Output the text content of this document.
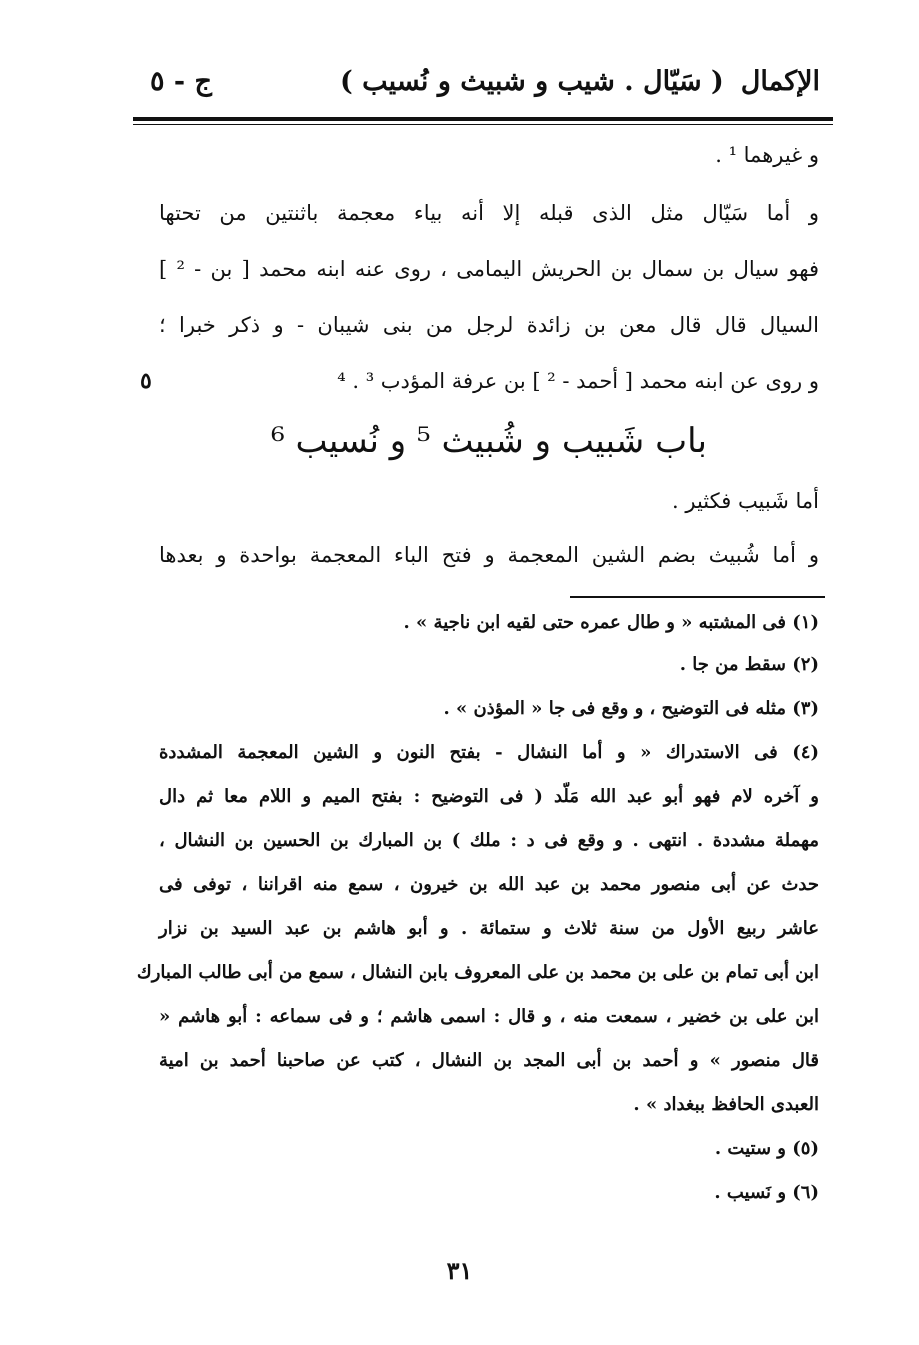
الإكمال
( سَيّال . شيب و شبيث و نُسيب )
ج - ٥
و غيرهما ¹ .
و أما سَيّال مثل الذى قبله إلا أنه بياء معجمة باثنتين من تحتها
فهو سيال بن سمال بن الحريش اليمامى ، روى عنه ابنه محمد [ بن - ² ]
السيال قال قال معن بن زائدة لرجل من بنى شيبان - و ذكر خبرا ؛
و روى عن ابنه محمد [ أحمد - ² ] بن عرفة المؤدب ³ . ⁴
٥
باب شَبيب و شُبيث ⁵ و نُسيب ⁶
أما شَبيب فكثير .
و أما شُبيث بضم الشين المعجمة و فتح الباء المعجمة بواحدة و بعدها
(١) فى المشتبه « و طال عمره حتى لقيه ابن ناجية » .
(٢) سقط من جا .
(٣) مثله فى التوضيح ، و وقع فى جا « المؤذن » .
(٤) فى الاستدراك « و أما النشال - بفتح النون و الشين المعجمة المشددة
و آخره لام فهو أبو عبد الله مَلّد ( فى التوضيح : بفتح الميم و اللام معا ثم دال
مهملة مشددة . انتهى . و وقع فى د : ملك ) بن المبارك بن الحسين بن النشال ،
حدث عن أبى منصور محمد بن عبد الله بن خيرون ، سمع منه اقراننا ، توفى فى
عاشر ربيع الأول من سنة ثلاث و ستمائة . و أبو هاشم بن عبد السيد بن نزار
ابن أبى تمام بن على بن محمد بن على المعروف بابن النشال ، سمع من أبى طالب المبارك
ابن على بن خضير ، سمعت منه ، و قال : اسمى هاشم ؛ و فى سماعه : أبو هاشم «
قال منصور » و أحمد بن أبى المجد بن النشال ، كتب عن صاحبنا أحمد بن امية
العبدى الحافظ ببغداد » .
(٥) و ستيت .
(٦) و نَسيب .
٣١
